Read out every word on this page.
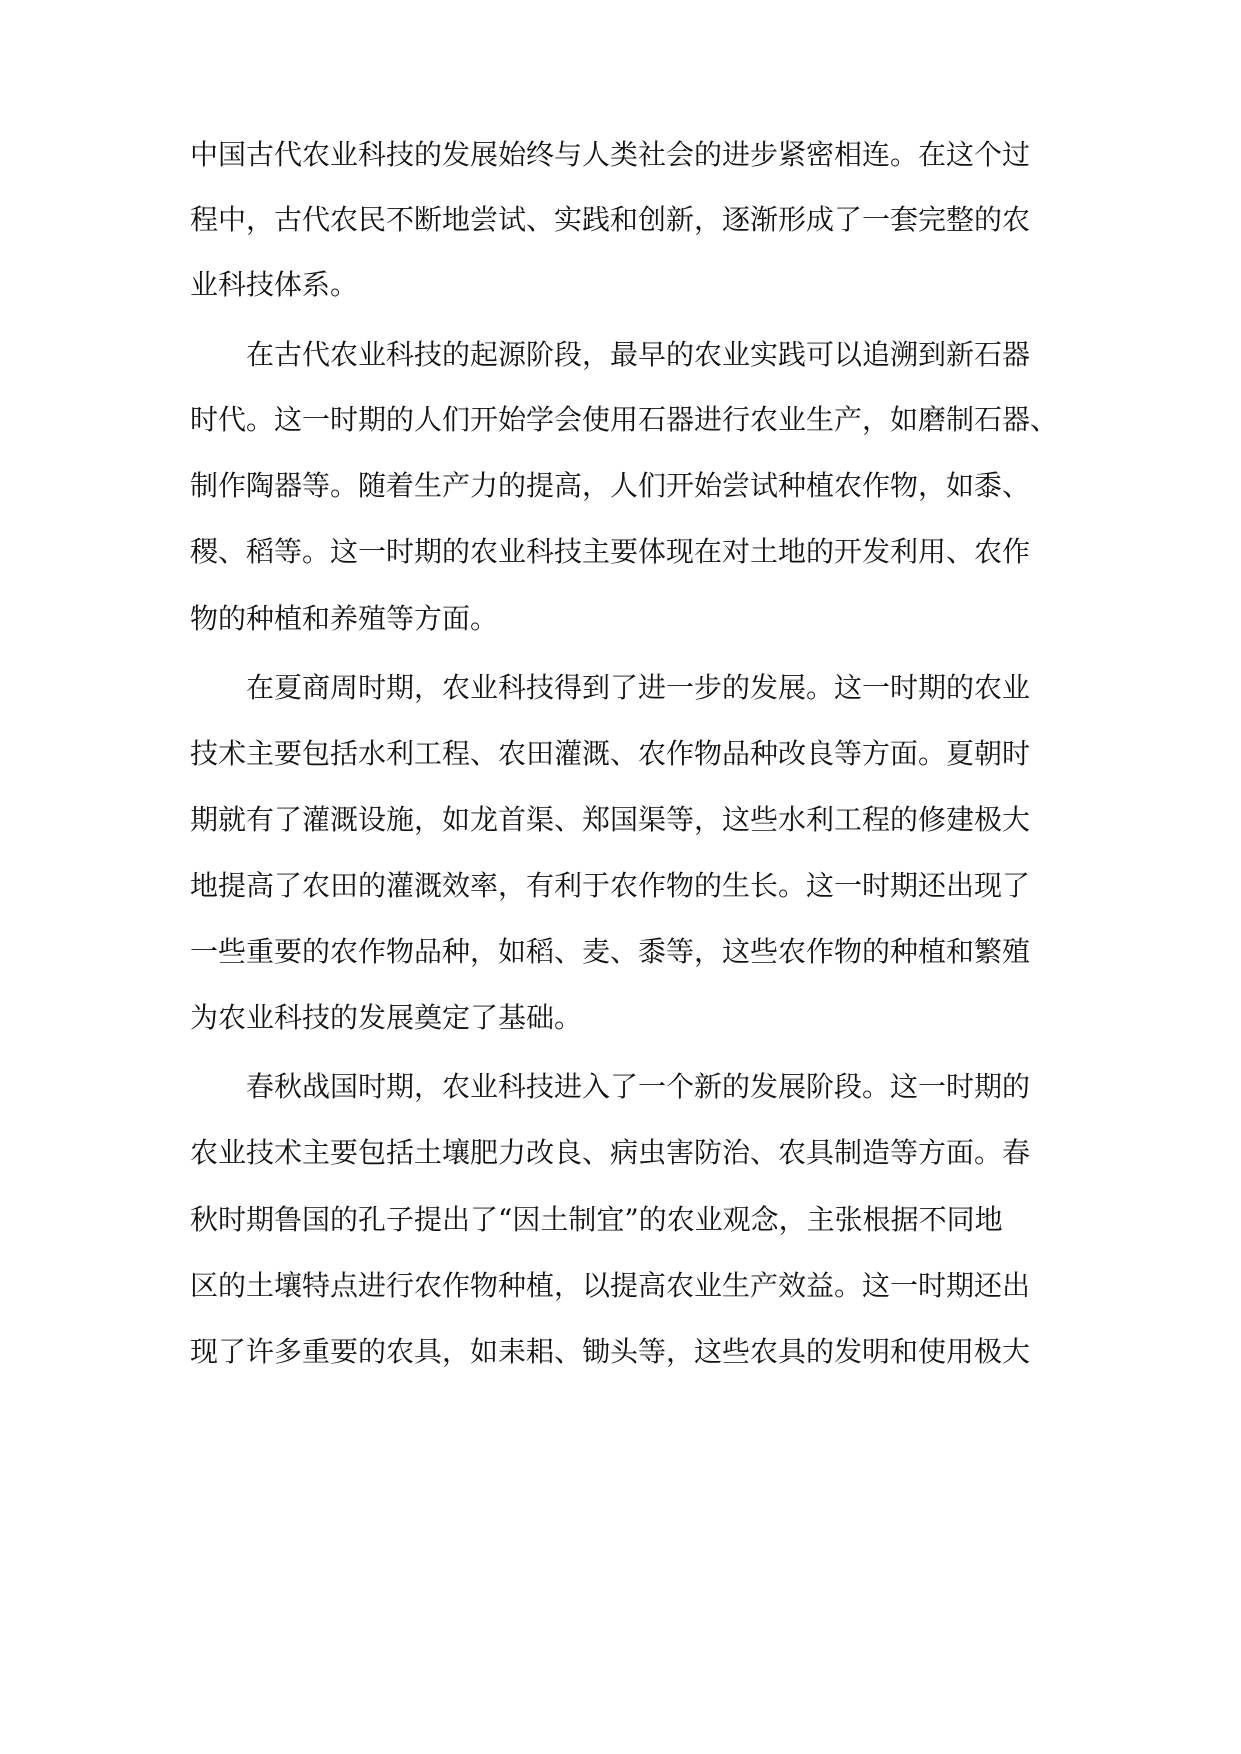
中国古代农业科技的发展始终与人类社会的进步紧密相连。在这个过
程中，古代农民不断地尝试、实践和创新，逐渐形成了一套完整的农
业科技体系。
在古代农业科技的起源阶段，最早的农业实践可以追溯到新石器
时代。这一时期的人们开始学会使用石器进行农业生产，如磨制石器、
制作陶器等。随着生产力的提高，人们开始尝试种植农作物，如黍、
稷、稻等。这一时期的农业科技主要体现在对土地的开发利用、农作
物的种植和养殖等方面。
在夏商周时期，农业科技得到了进一步的发展。这一时期的农业
技术主要包括水利工程、农田灌溉、农作物品种改良等方面。夏朝时
期就有了灌溉设施，如龙首渠、郑国渠等，这些水利工程的修建极大
地提高了农田的灌溉效率，有利于农作物的生长。这一时期还出现了
一些重要的农作物品种，如稻、麦、黍等，这些农作物的种植和繁殖
为农业科技的发展奠定了基础。
春秋战国时期，农业科技进入了一个新的发展阶段。这一时期的
农业技术主要包括土壤肥力改良、病虫害防治、农具制造等方面。春
秋时期鲁国的孔子提出了“因土制宜”的农业观念，主张根据不同地
区的土壤特点进行农作物种植，以提高农业生产效益。这一时期还出
现了许多重要的农具，如耒耜、锄头等，这些农具的发明和使用极大
